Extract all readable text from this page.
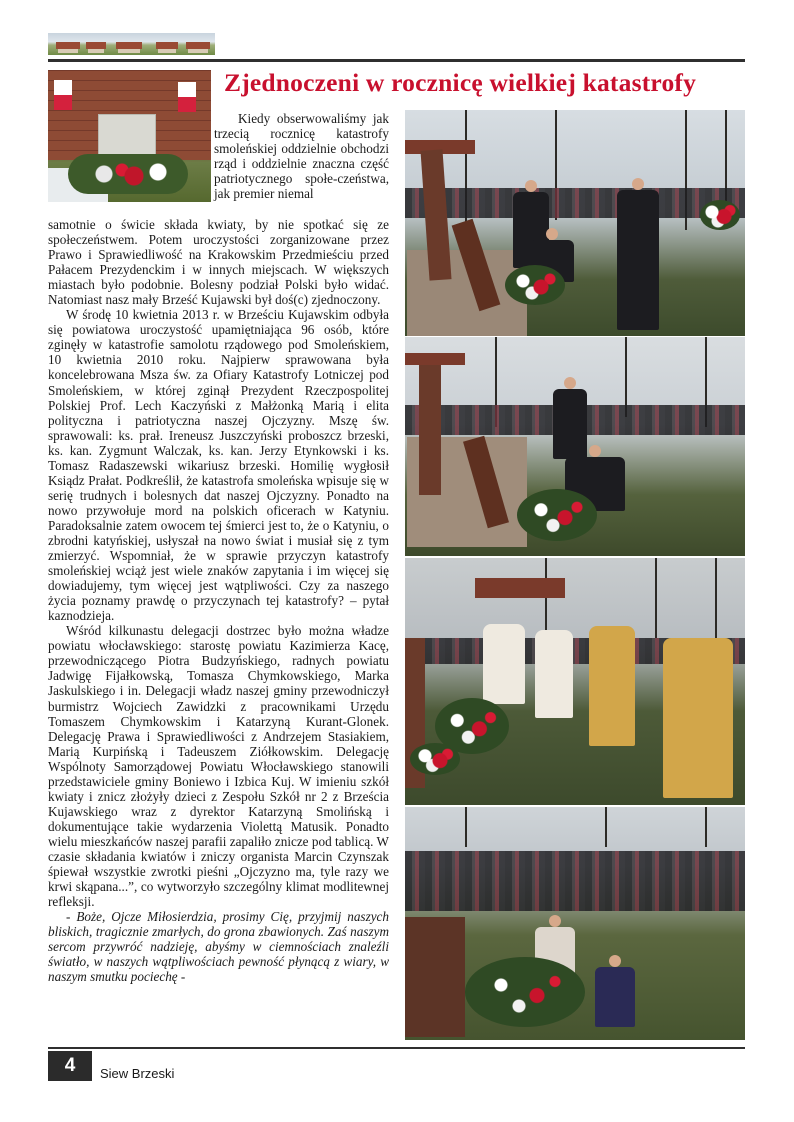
Zjednoczeni w rocznicę wielkiej katastrofy

Kiedy obserwowaliśmy jak trzecią rocznicę katastrofy smoleńskiej oddzielnie obchodzi rząd i oddzielnie znaczna część patriotycznego społe-czeństwa, jak premier niemal

samotnie o świcie składa kwiaty, by nie spotkać się ze społeczeństwem. Potem uroczystości zorganizowane przez Prawo i Sprawiedliwość na Krakowskim Przedmieściu przed Pałacem Prezydenckim i w innych miejscach. W większych miastach było podobnie. Bolesny podział Polski było widać. Natomiast nasz mały Brześć Kujawski był doś(c) zjednoczony.

W środę 10 kwietnia 2013 r. w Brześciu Kujawskim odbyła się powiatowa uroczystość upamiętniająca 96 osób, które zginęły w katastrofie samolotu rządowego pod Smoleńskiem, 10 kwietnia 2010 roku. Najpierw sprawowana była koncelebrowana Msza św. za Ofiary Katastrofy Lotniczej pod Smoleńskiem, w której zginął Prezydent Rzeczpospolitej Polskiej Prof. Lech Kaczyński z Małżonką Marią i elita polityczna i patriotyczna naszej Ojczyzny. Mszę św. sprawowali: ks. prał. Ireneusz Juszczyński proboszcz brzeski, ks. kan. Zygmunt Walczak, ks. kan. Jerzy Etynkowski i ks. Tomasz Radaszewski wikariusz brzeski. Homilię wygłosił Ksiądz Prałat. Podkreślił, że katastrofa smoleńska wpisuje się w serię trudnych i bolesnych dat naszej Ojczyzny. Ponadto na nowo przywołuje mord na polskich oficerach w Katyniu. Paradoksalnie zatem owocem tej śmierci jest to, że o Katyniu, o zbrodni katyńskiej, usłyszał na nowo świat i musiał się z tym zmierzyć. Wspomniał, że w sprawie przyczyn katastrofy smoleńskiej wciąż jest wiele znaków zapytania i im więcej się dowiadujemy, tym więcej jest wątpliwości. Czy za naszego życia poznamy prawdę o przyczynach tej katastrofy? – pytał kaznodzieja.

Wśród kilkunastu delegacji dostrzec było można władze powiatu włocławskiego: starostę powiatu Kazimierza Kacę, przewodniczącego Piotra Budzyńskiego, radnych powiatu Jadwigę Fijałkowską, Tomasza Chymkowskiego, Marka Jaskulskiego i in. Delegacji władz naszej gminy przewodniczył burmistrz Wojciech Zawidzki z pracownikami Urzędu Tomaszem Chymkowskim i Katarzyną Kurant-Glonek. Delegację Prawa i Sprawiedliwości z Andrzejem Stasiakiem, Marią Kurpińską i Tadeuszem Ziółkowskim. Delegację Wspólnoty Samorządowej Powiatu Włocławskiego stanowili przedstawiciele gminy Boniewo i Izbica Kuj. W imieniu szkół kwiaty i znicz złożyły dzieci z Zespołu Szkół nr 2 z Brześcia Kujawskiego wraz z dyrektor Katarzyną Smolińską i dokumentujące takie wydarzenia Violettą Matusik. Ponadto wielu mieszkańców naszej parafii zapaliło znicze pod tablicą. W czasie składania kwiatów i zniczy organista Marcin Czynszak śpiewał wszystkie zwrotki pieśni „Ojczyzno ma, tyle razy we krwi skąpana...”, co wytworzyło szczególny klimat modlitewnej refleksji.

- Boże, Ojcze Miłosierdzia, prosimy Cię, przyjmij naszych bliskich, tragicznie zmarłych, do grona zbawionych. Zaś naszym sercom przywróć nadzieję, abyśmy w ciemnościach znaleźli światło, w naszych wątpliwościach pewność płynącą z wiary, w naszym smutku pociechę -

4	Siew Brzeski
